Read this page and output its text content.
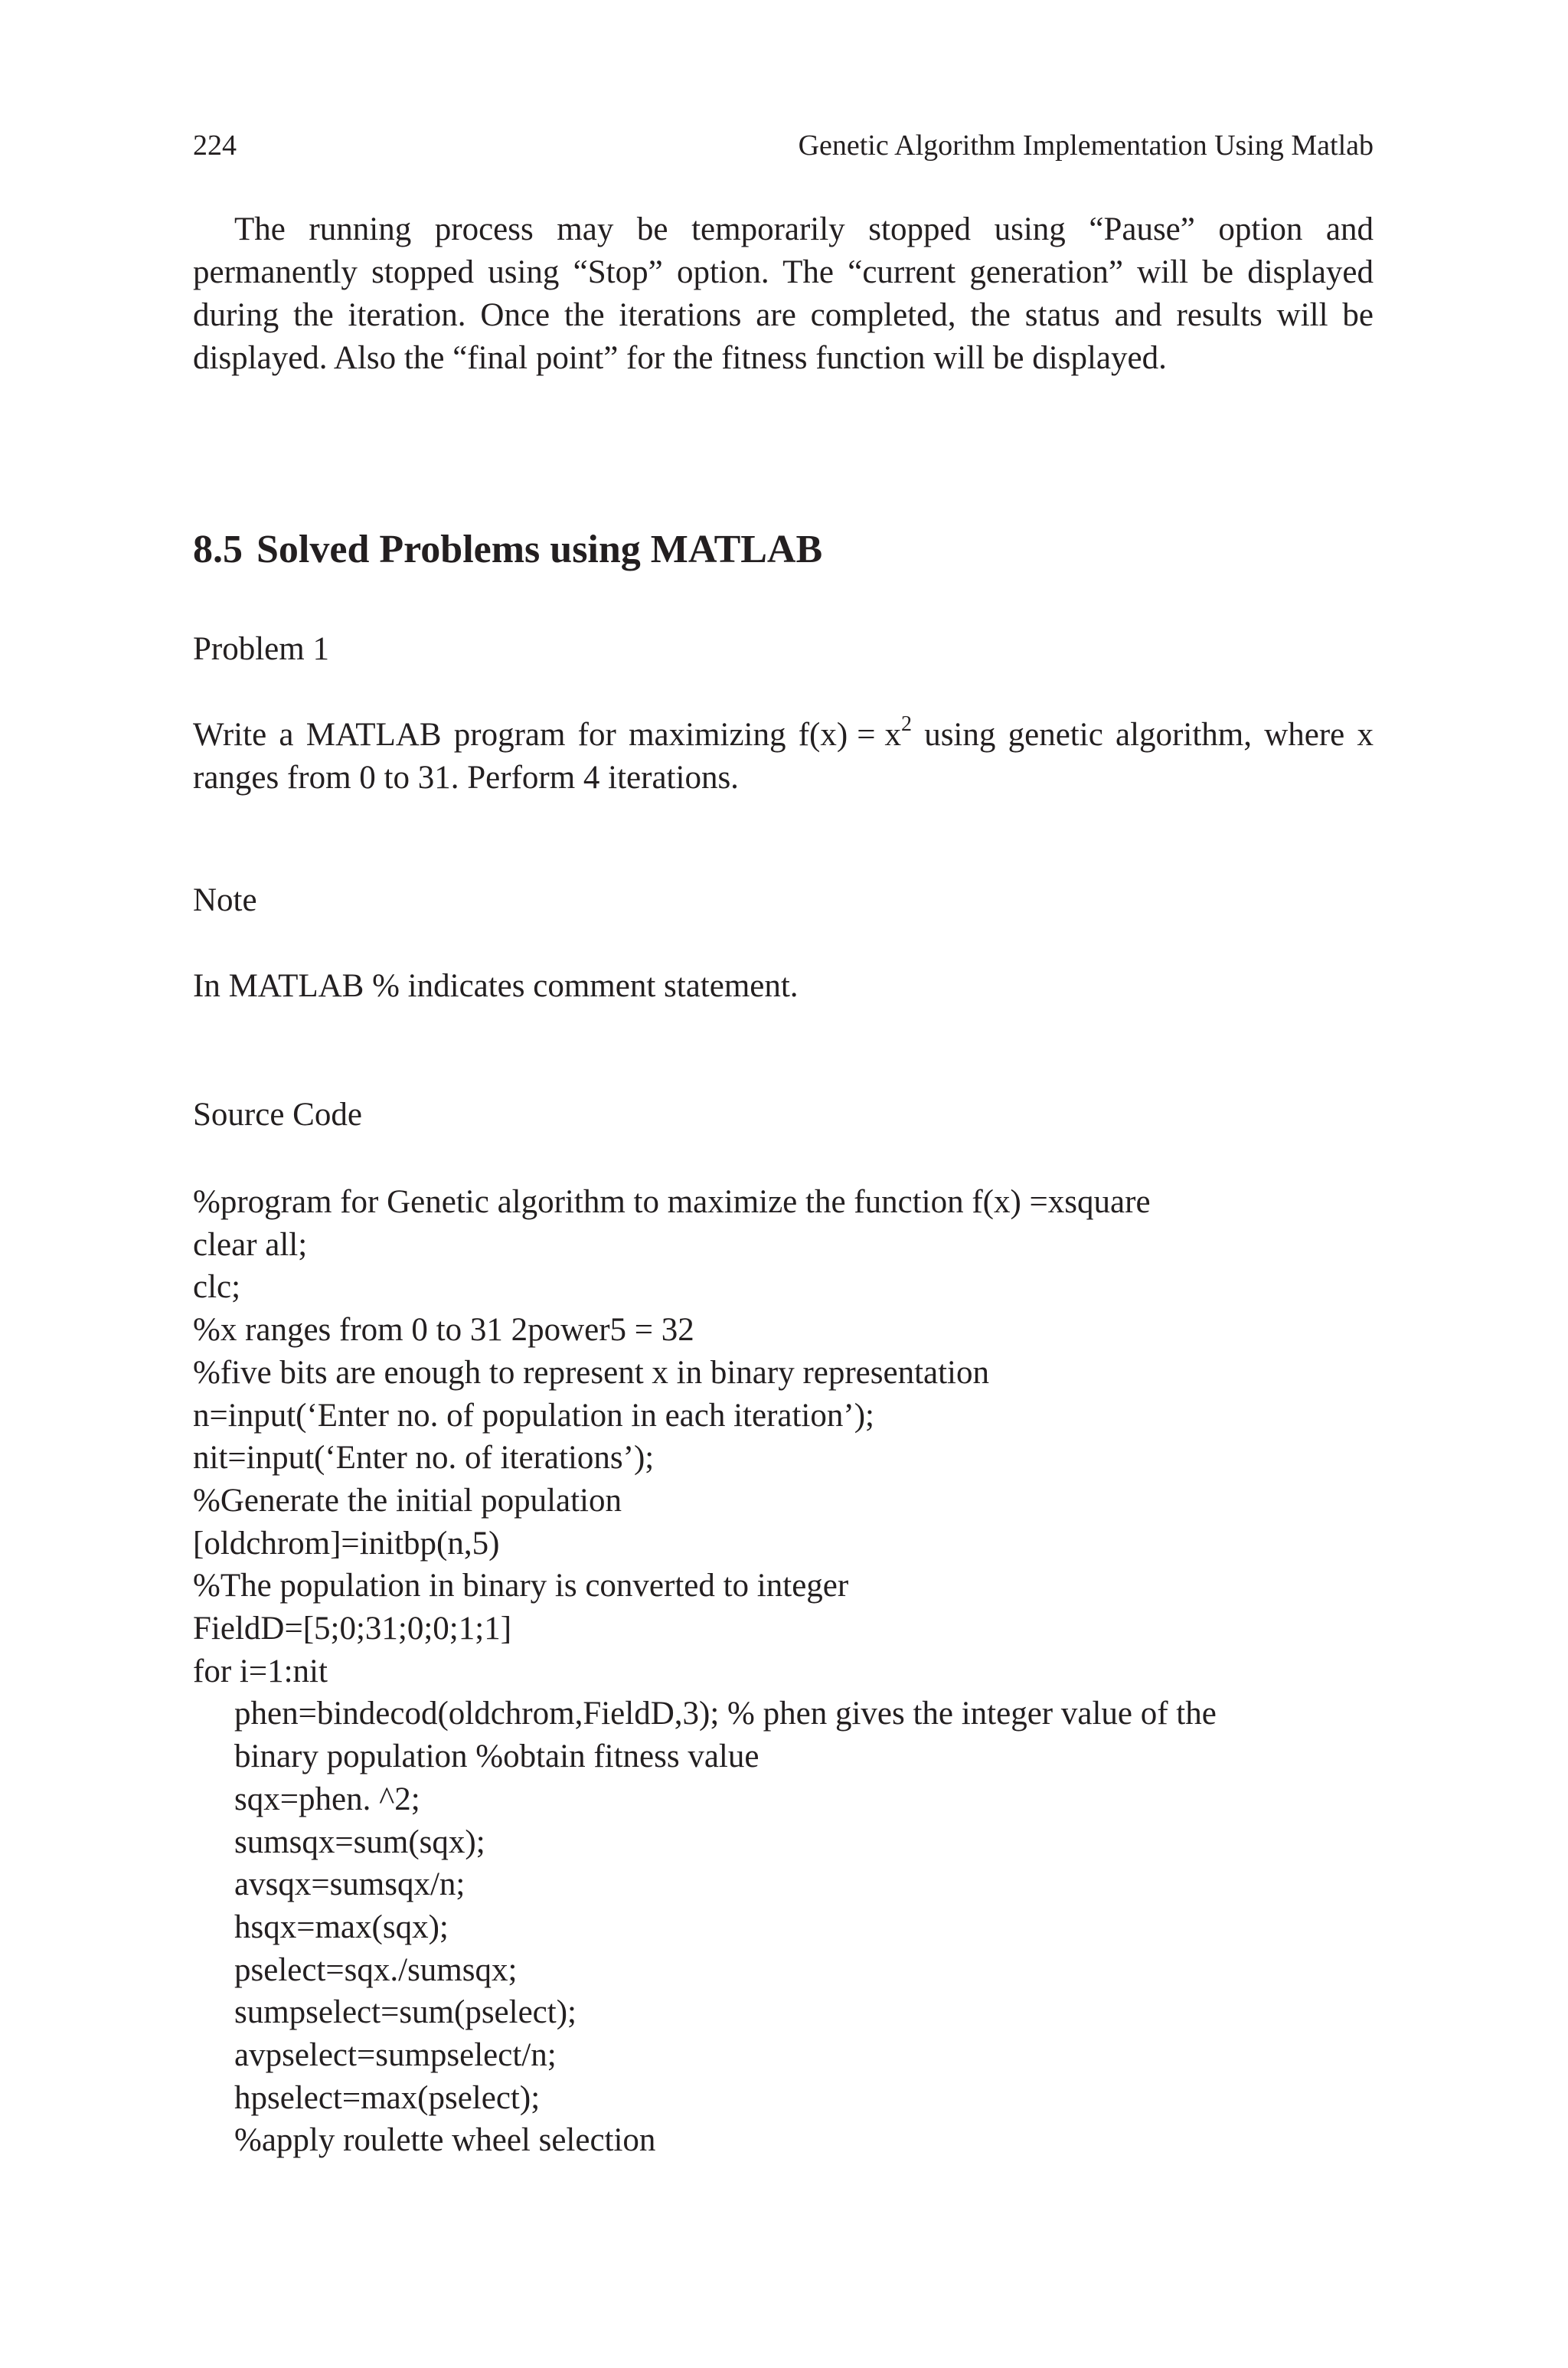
224	Genetic Algorithm Implementation Using Matlab

The running process may be temporarily stopped using “Pause” option and permanently stopped using “Stop” option. The “current generation” will be displayed during the iteration. Once the iterations are completed, the status and results will be displayed. Also the “final point” for the fitness function will be displayed.

8.5 Solved Problems using MATLAB
Problem 1

Write a MATLAB program for maximizing $f(x) = x^2$ using genetic algorithm, where x ranges from 0 to 31. Perform 4 iterations.

Note
In MATLAB % indicates comment statement.
Source Code
%program for Genetic algorithm to maximize the function f(x) =xsquare
clear all;
clc;
%x ranges from 0 to 31 2power5 = 32
%five bits are enough to represent x in binary representation
n=input(‘Enter no. of population in each iteration’);
nit=input(‘Enter no. of iterations’);
%Generate the initial population
[oldchrom]=initbp(n,5)
%The population in binary is converted to integer
FieldD=[5;0;31;0;0;1;1]
for i=1:nit
phen=bindecod(oldchrom,FieldD,3); % phen gives the integer value of the
binary population %obtain fitness value
sqx=phen. ^2;
sumsqx=sum(sqx);
avsqx=sumsqx/n;
hsqx=max(sqx);
pselect=sqx./sumsqx;
sumpselect=sum(pselect);
avpselect=sumpselect/n;
hpselect=max(pselect);
%apply roulette wheel selection
